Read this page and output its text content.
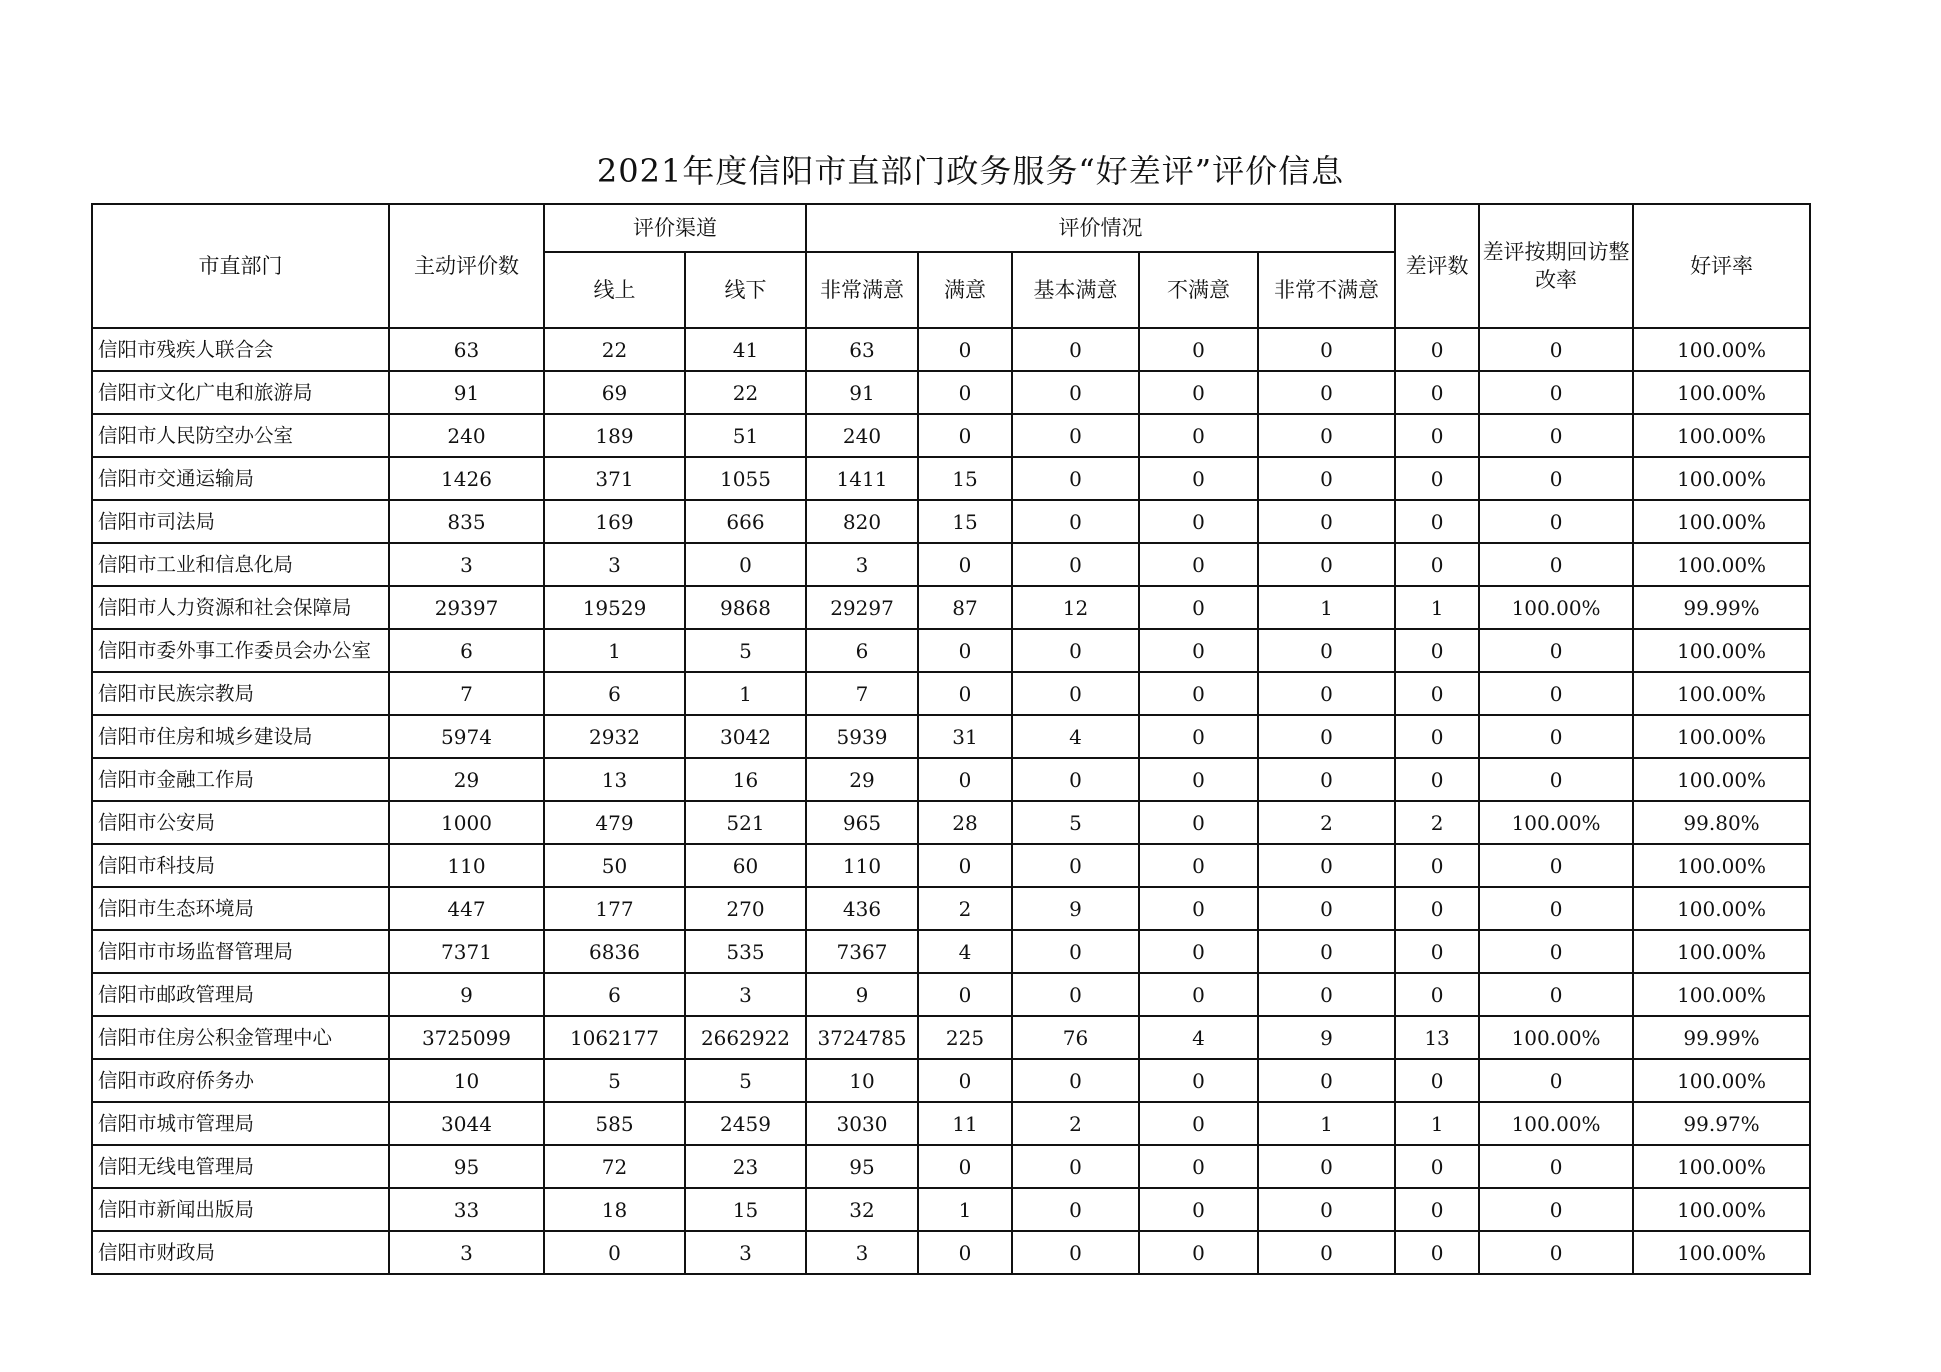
2021年度信阳市直部门政务服务“好差评”评价信息
市直部门	主动评价数	评价渠道		评价情况					差评数	差评按期回访整改率	好评率
		线上	线下	非常满意	满意	基本满意	不满意	非常不满意			
信阳市残疾人联合会	63	22	41	63	0	0	0	0	0	0	100.00%
信阳市文化广电和旅游局	91	69	22	91	0	0	0	0	0	0	100.00%
信阳市人民防空办公室	240	189	51	240	0	0	0	0	0	0	100.00%
信阳市交通运输局	1426	371	1055	1411	15	0	0	0	0	0	100.00%
信阳市司法局	835	169	666	820	15	0	0	0	0	0	100.00%
信阳市工业和信息化局	3	3	0	3	0	0	0	0	0	0	100.00%
信阳市人力资源和社会保障局	29397	19529	9868	29297	87	12	0	1	1	100.00%	99.99%
信阳市委外事工作委员会办公室	6	1	5	6	0	0	0	0	0	0	100.00%
信阳市民族宗教局	7	6	1	7	0	0	0	0	0	0	100.00%
信阳市住房和城乡建设局	5974	2932	3042	5939	31	4	0	0	0	0	100.00%
信阳市金融工作局	29	13	16	29	0	0	0	0	0	0	100.00%
信阳市公安局	1000	479	521	965	28	5	0	2	2	100.00%	99.80%
信阳市科技局	110	50	60	110	0	0	0	0	0	0	100.00%
信阳市生态环境局	447	177	270	436	2	9	0	0	0	0	100.00%
信阳市市场监督管理局	7371	6836	535	7367	4	0	0	0	0	0	100.00%
信阳市邮政管理局	9	6	3	9	0	0	0	0	0	0	100.00%
信阳市住房公积金管理中心	3725099	1062177	2662922	3724785	225	76	4	9	13	100.00%	99.99%
信阳市政府侨务办	10	5	5	10	0	0	0	0	0	0	100.00%
信阳市城市管理局	3044	585	2459	3030	11	2	0	1	1	100.00%	99.97%
信阳无线电管理局	95	72	23	95	0	0	0	0	0	0	100.00%
信阳市新闻出版局	33	18	15	32	1	0	0	0	0	0	100.00%
信阳市财政局	3	0	3	3	0	0	0	0	0	0	100.00%
